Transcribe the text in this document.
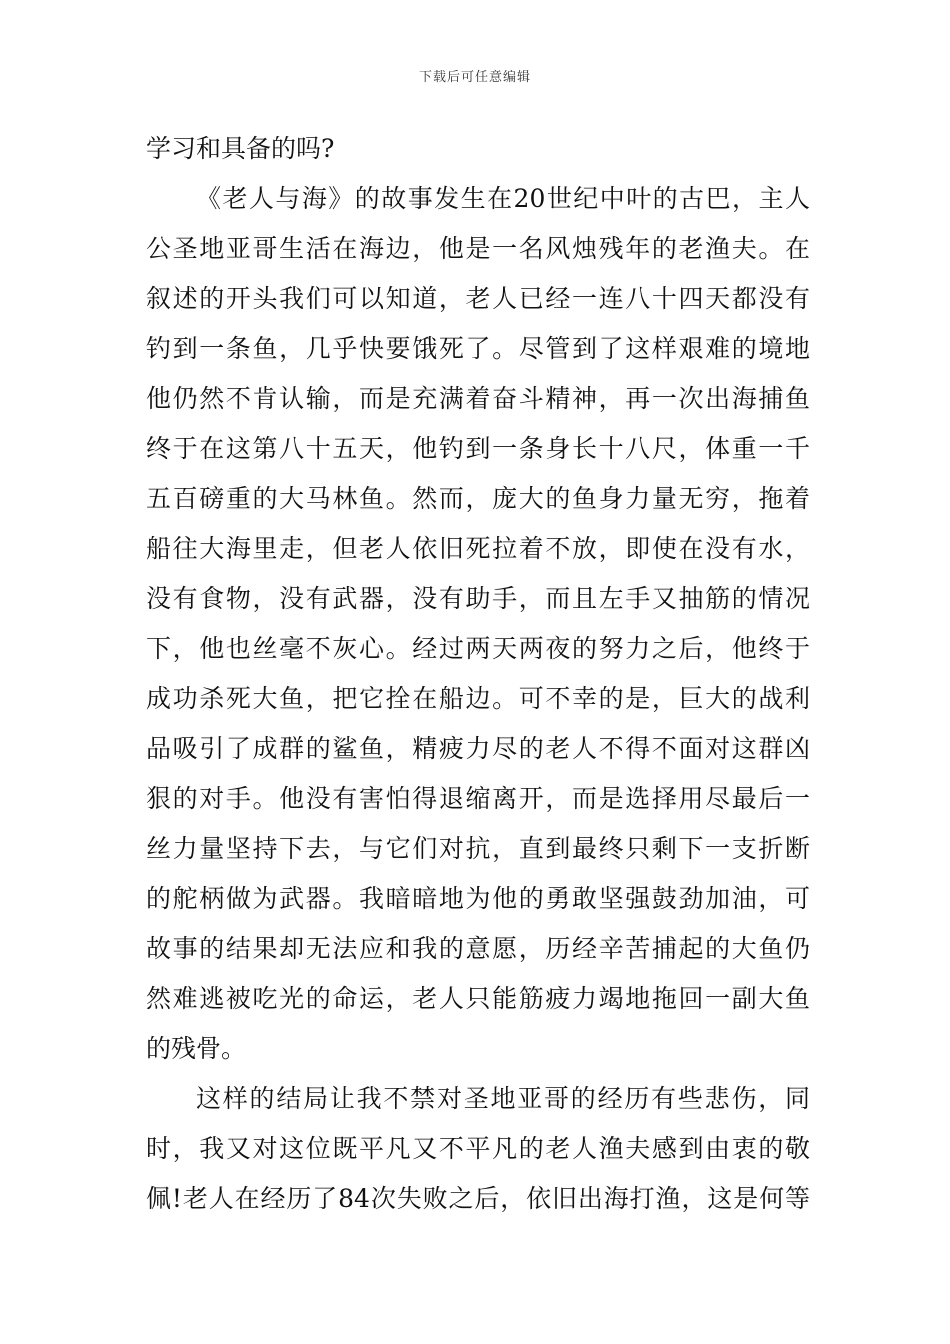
下载后可任意编辑
学习和具备的吗?
《老人与海》的故事发生在20世纪中叶的古巴，主人
公圣地亚哥生活在海边，他是一名风烛残年的老渔夫。在
叙述的开头我们可以知道，老人已经一连八十四天都没有
钓到一条鱼，几乎快要饿死了。尽管到了这样艰难的境地
他仍然不肯认输，而是充满着奋斗精神，再一次出海捕鱼
终于在这第八十五天，他钓到一条身长十八尺，体重一千
五百磅重的大马林鱼。然而，庞大的鱼身力量无穷，拖着
船往大海里走，但老人依旧死拉着不放，即使在没有水，
没有食物，没有武器，没有助手，而且左手又抽筋的情况
下，他也丝毫不灰心。经过两天两夜的努力之后，他终于
成功杀死大鱼，把它拴在船边。可不幸的是，巨大的战利
品吸引了成群的鲨鱼，精疲力尽的老人不得不面对这群凶
狠的对手。他没有害怕得退缩离开，而是选择用尽最后一
丝力量坚持下去，与它们对抗，直到最终只剩下一支折断
的舵柄做为武器。我暗暗地为他的勇敢坚强鼓劲加油，可
故事的结果却无法应和我的意愿，历经辛苦捕起的大鱼仍
然难逃被吃光的命运，老人只能筋疲力竭地拖回一副大鱼
的残骨。
这样的结局让我不禁对圣地亚哥的经历有些悲伤，同
时，我又对这位既平凡又不平凡的老人渔夫感到由衷的敬
佩!老人在经历了84次失败之后，依旧出海打渔，这是何等
